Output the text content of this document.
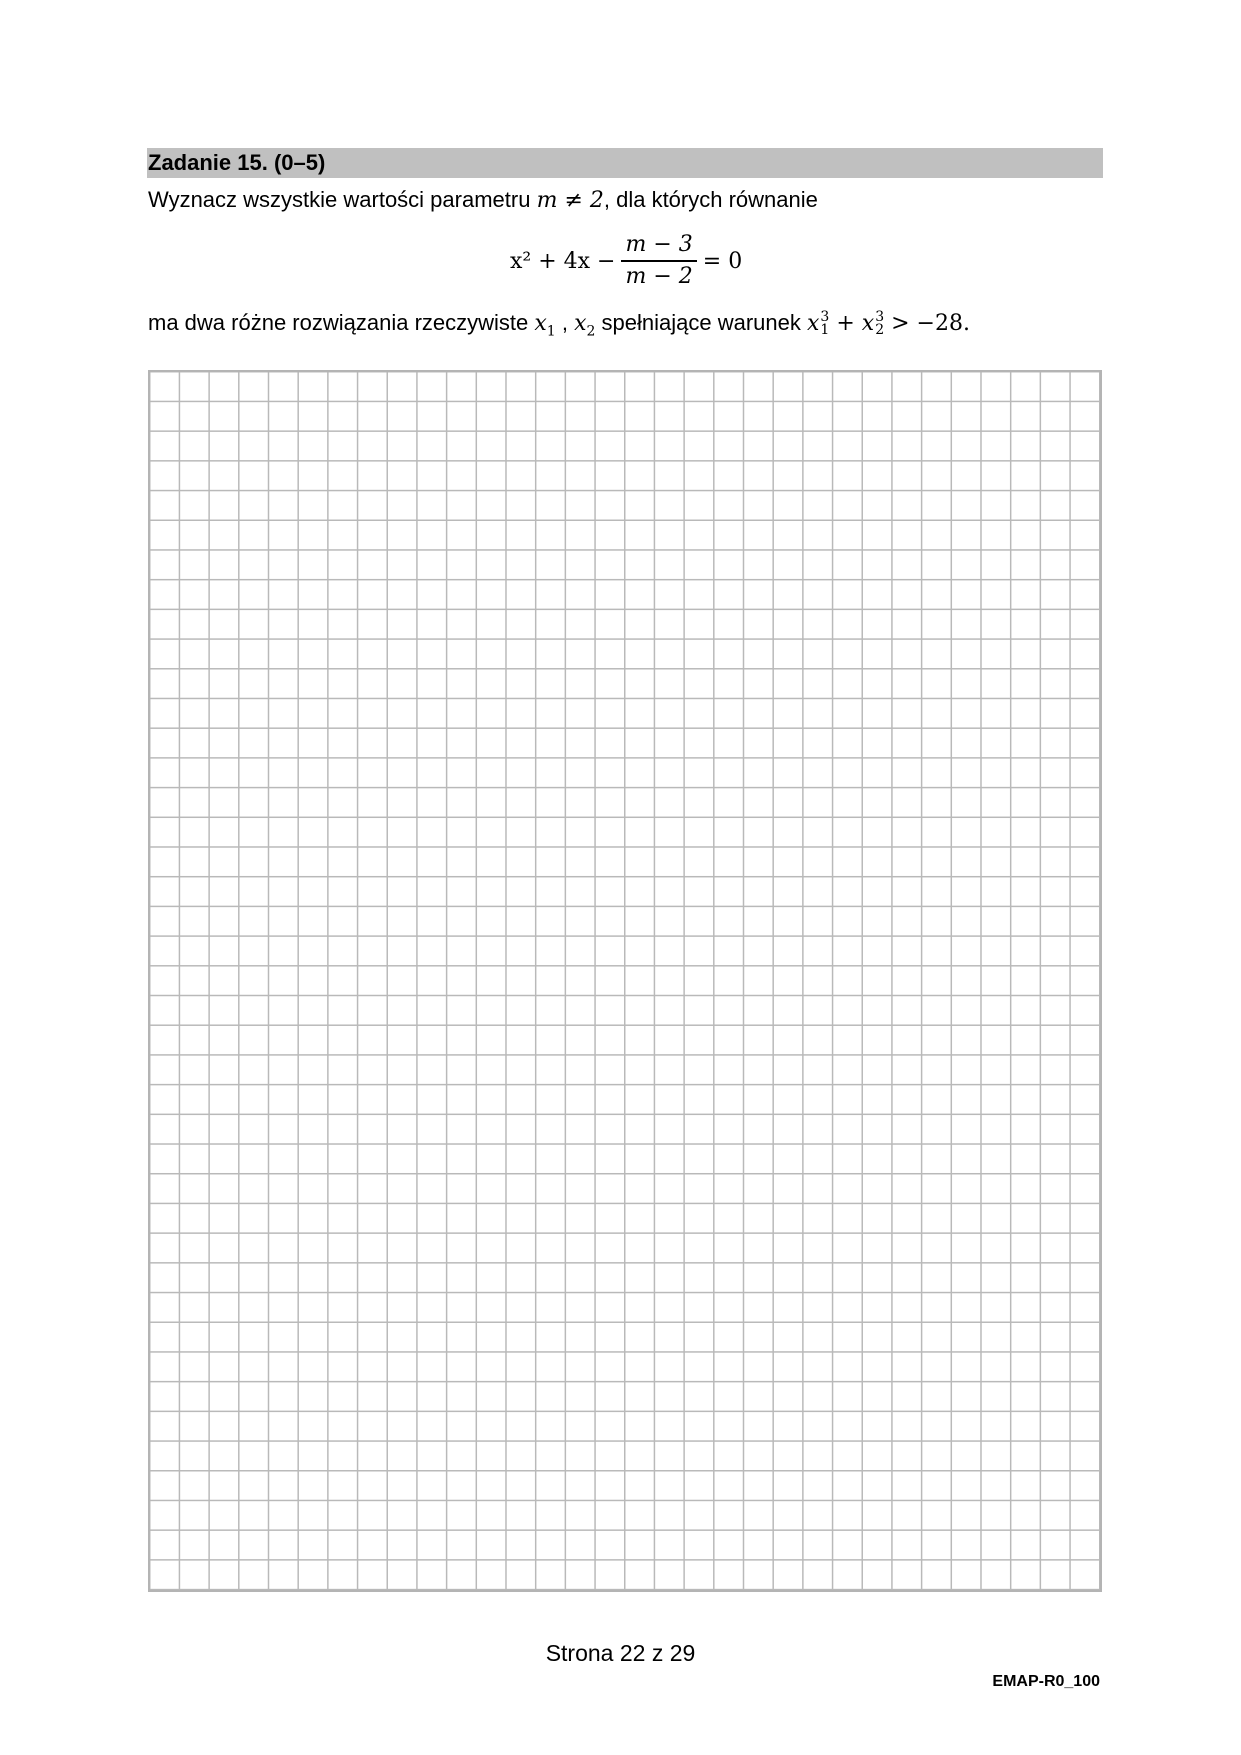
Zadanie 15. (0–5)
Wyznacz wszystkie wartości parametru m ≠ 2, dla których równanie
$x^2 + 4x - \frac{m - 3}{m - 2} = 0$
ma dwa różne rozwiązania rzeczywiste $x_1$ , $x_2$ spełniające warunek x 3
1 + x 3
2 > −28.
Strona 22 z 29
EMAP-R0_100
